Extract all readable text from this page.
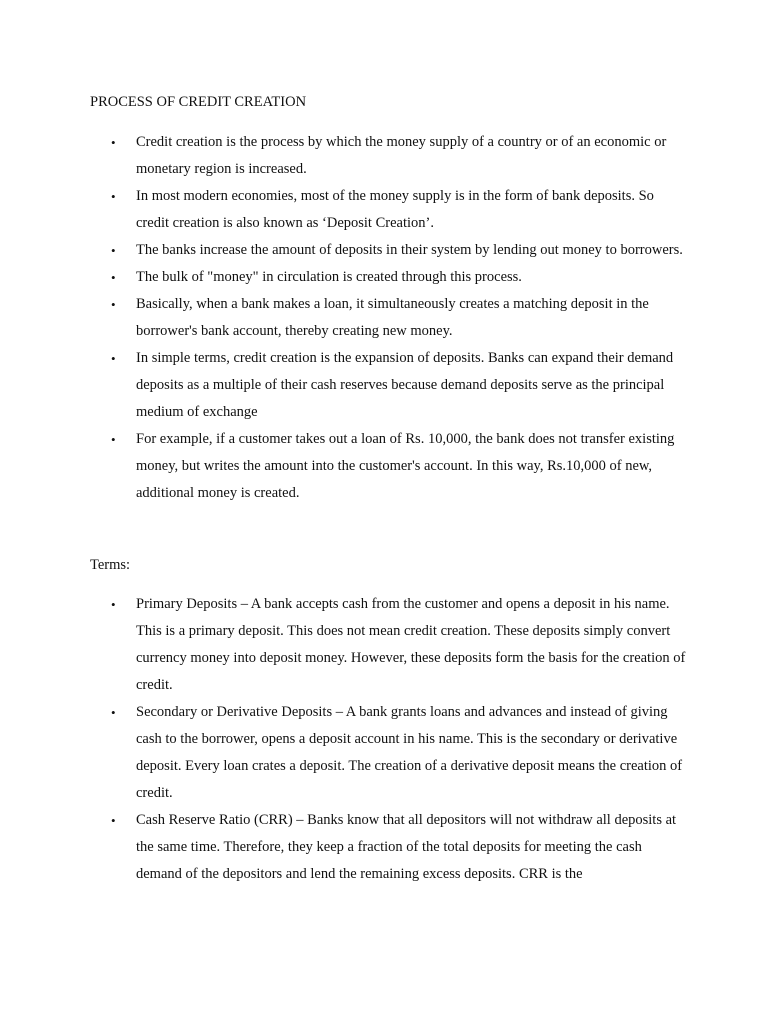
PROCESS OF CREDIT CREATION
• Credit creation is the process by which the money supply of a country or of an economic or monetary region is increased.
• In most modern economies, most of the money supply is in the form of bank deposits. So credit creation is also known as ‘Deposit Creation’.
• The banks increase the amount of deposits in their system by lending out money to borrowers.
• The bulk of "money" in circulation is created through this process.
• Basically, when a bank makes a loan, it simultaneously creates a matching deposit in the borrower's bank account, thereby creating new money.
• In simple terms, credit creation is the expansion of deposits. Banks can expand their demand deposits as a multiple of their cash reserves because demand deposits serve as the principal medium of exchange
• For example, if a customer takes out a loan of Rs. 10,000, the bank does not transfer existing money, but writes the amount into the customer's account. In this way, Rs.10,000 of new, additional money is created.
Terms:
• Primary Deposits – A bank accepts cash from the customer and opens a deposit in his name. This is a primary deposit. This does not mean credit creation. These deposits simply convert currency money into deposit money. However, these deposits form the basis for the creation of credit.
• Secondary or Derivative Deposits – A bank grants loans and advances and instead of giving cash to the borrower, opens a deposit account in his name. This is the secondary or derivative deposit. Every loan crates a deposit. The creation of a derivative deposit means the creation of credit.
• Cash Reserve Ratio (CRR) – Banks know that all depositors will not withdraw all deposits at the same time. Therefore, they keep a fraction of the total deposits for meeting the cash demand of the depositors and lend the remaining excess deposits. CRR is the
